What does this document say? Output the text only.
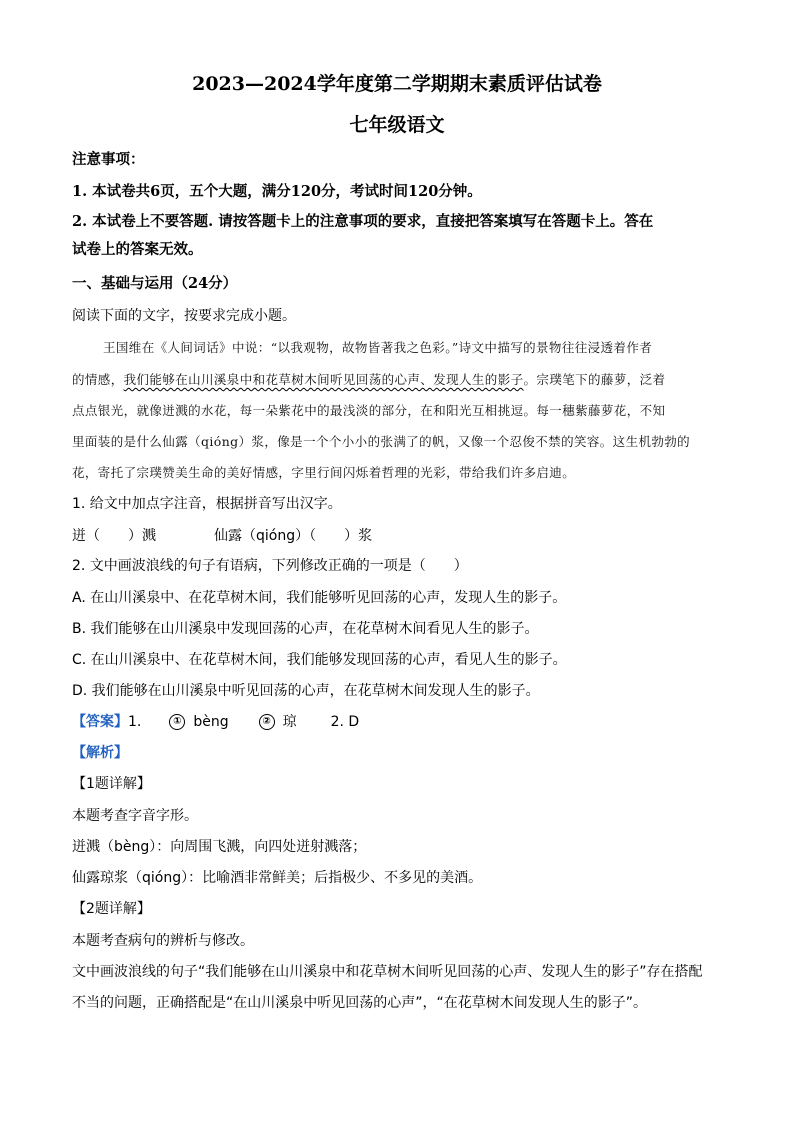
2023—2024学年度第二学期期末素质评估试卷
七年级语文
注意事项：
1. 本试卷共6页，五个大题，满分120分，考试时间120分钟。
2. 本试卷上不要答题. 请按答题卡上的注意事项的要求，直接把答案填写在答题卡上。答在
试卷上的答案无效。
一、基础与运用（24分）
阅读下面的文字，按要求完成小题。
王国维在《人间词话》中说：“以我观物，故物皆著我之色彩。”诗文中描写的景物往往浸透着作者
的情感，我们能够在山川溪泉中和花草树木间听见回荡的心声、发现人生的影子。宗璞笔下的藤萝，泛着
点点银光，就像迸溅的水花，每一朵紫花中的最浅淡的部分，在和阳光互相挑逗。每一穗紫藤萝花，不知
里面装的是什么仙露（qióng）浆，像是一个个小小的张满了的帆，又像一个忍俊不禁的笑容。这生机勃勃的
花，寄托了宗璞赞美生命的美好情感，字里行间闪烁着哲理的光彩，带给我们许多启迪。
1. 给文中加点字注音，根据拼音写出汉字。
迸（　　）溅	仙露（qióng）（　　）浆
2. 文中画波浪线的句子有语病，下列修改正确的一项是（　　）
A. 在山川溪泉中、在花草树木间，我们能够听见回荡的心声，发现人生的影子。
B. 我们能够在山川溪泉中发现回荡的心声，在花草树木间看见人生的影子。
C. 在山川溪泉中、在花草树木间，我们能够发现回荡的心声，看见人生的影子。
D. 我们能够在山川溪泉中听见回荡的心声，在花草树木间发现人生的影子。
【答案】1.	① bèng	② 琼 2. D
【解析】
【1题详解】
本题考查字音字形。
迸溅（bèng）：向周围飞溅，向四处迸射溅落；
仙露琼浆（qióng）：比喻酒非常鲜美；后指极少、不多见的美酒。
【2题详解】
本题考查病句的辨析与修改。
文中画波浪线的句子“我们能够在山川溪泉中和花草树木间听见回荡的心声、发现人生的影子”存在搭配
不当的问题，正确搭配是“在山川溪泉中听见回荡的心声”，“在花草树木间发现人生的影子”。
